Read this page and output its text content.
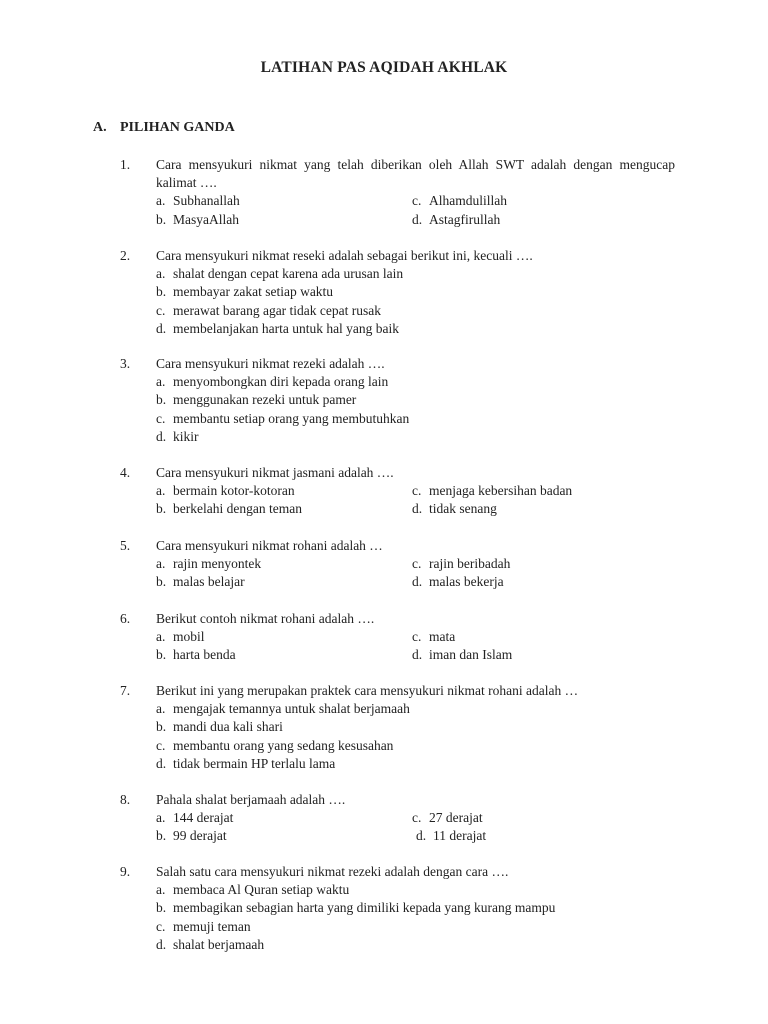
LATIHAN PAS AQIDAH AKHLAK
A. PILIHAN GANDA
1. Cara mensyukuri nikmat yang telah diberikan oleh Allah SWT adalah dengan mengucap kalimat ….
a. Subhanallah	c. Alhamdulillah
b. MasyaAllah	d. Astagfirullah
2. Cara mensyukuri nikmat reseki adalah sebagai berikut ini, kecuali ….
a. shalat dengan cepat karena ada urusan lain
b. membayar zakat setiap waktu
c. merawat barang agar tidak cepat rusak
d. membelanjakan harta untuk hal yang baik
3. Cara mensyukuri nikmat rezeki adalah ….
a. menyombongkan diri kepada orang lain
b. menggunakan rezeki untuk pamer
c. membantu setiap orang yang membutuhkan
d. kikir
4. Cara mensyukuri nikmat jasmani adalah ….
a. bermain kotor-kotoran	c. menjaga kebersihan badan
b. berkelahi dengan teman	d. tidak senang
5. Cara mensyukuri nikmat rohani adalah …
a. rajin menyontek	c. rajin beribadah
b. malas belajar	d. malas bekerja
6. Berikut contoh nikmat rohani adalah ….
a. mobil	c. mata
b. harta benda	d. iman dan Islam
7. Berikut ini yang merupakan praktek cara mensyukuri nikmat rohani adalah …
a. mengajak temannya untuk shalat berjamaah
b. mandi dua kali shari
c. membantu orang yang sedang kesusahan
d. tidak bermain HP terlalu lama
8. Pahala shalat berjamaah adalah ….
a. 144 derajat	c. 27 derajat
b. 99 derajat	d. 11 derajat
9. Salah satu cara mensyukuri nikmat rezeki adalah dengan cara ….
a. membaca Al Quran setiap waktu
b. membagikan sebagian harta yang dimiliki kepada yang kurang mampu
c. memuji teman
d. shalat berjamaah
